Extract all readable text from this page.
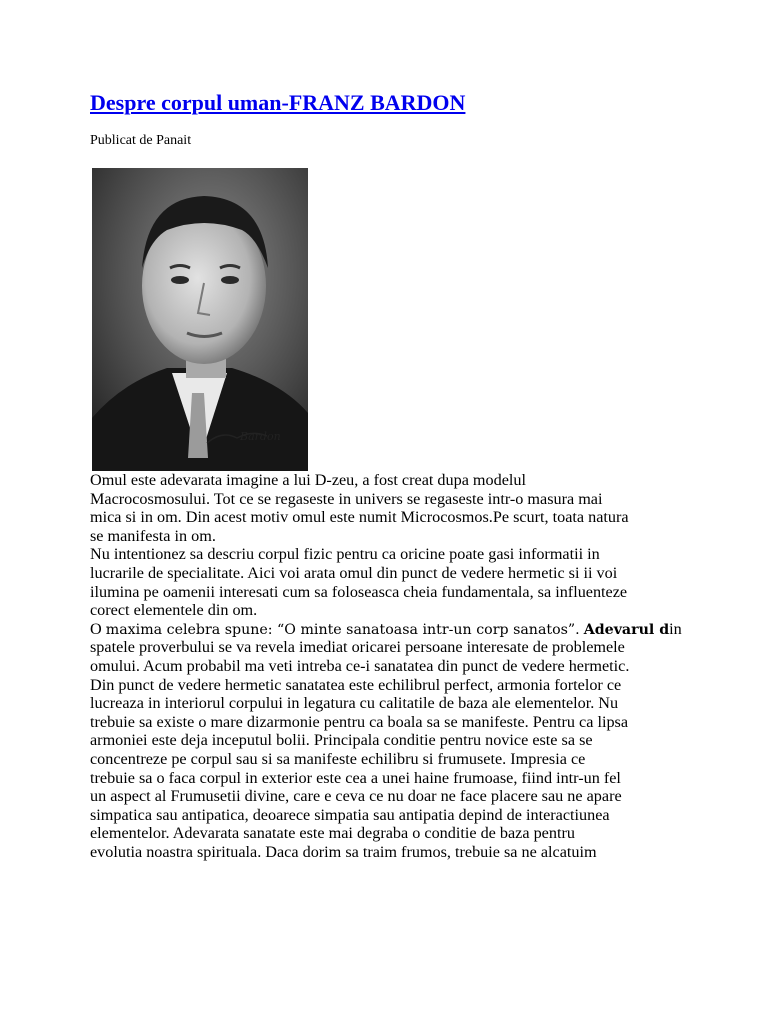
Despre corpul uman-FRANZ BARDON
Publicat de Panait
Bardon
Omul este adevarata imagine a lui D-zeu, a fost creat dupa modelul
Macrocosmosului. Tot ce se regaseste in univers se regaseste intr-o masura mai
mica si in om. Din acest motiv omul este numit Microcosmos.Pe scurt, toata natura
se manifesta in om.
Nu intentionez sa descriu corpul fizic pentru ca oricine poate gasi informatii in
lucrarile de specialitate. Aici voi arata omul din punct de vedere hermetic si ii voi
ilumina pe oamenii interesati cum sa foloseasca cheia fundamentala, sa influenteze
corect elementele din om.
O maxima celebra spune: “O minte sanatoasa intr-un corp sanatos”. Adevarul din
spatele proverbului se va revela imediat oricarei persoane interesate de problemele
omului. Acum probabil ma veti intreba ce-i sanatatea din punct de vedere hermetic.
Din punct de vedere hermetic sanatatea este echilibrul perfect, armonia fortelor ce
lucreaza in interiorul corpului in legatura cu calitatile de baza ale elementelor. Nu
trebuie sa existe o mare dizarmonie pentru ca boala sa se manifeste. Pentru ca lipsa
armoniei este deja inceputul bolii. Principala conditie pentru novice este sa se
concentreze pe corpul sau si sa manifeste echilibru si frumusete. Impresia ce
trebuie sa o faca corpul in exterior este cea a unei haine frumoase, fiind intr-un fel
un aspect al Frumusetii divine, care e ceva ce nu doar ne face placere sau ne apare
simpatica sau antipatica, deoarece simpatia sau antipatia depind de interactiunea
elementelor. Adevarata sanatate este mai degraba o conditie de baza pentru
evolutia noastra spirituala. Daca dorim sa traim frumos, trebuie sa ne alcatuim
